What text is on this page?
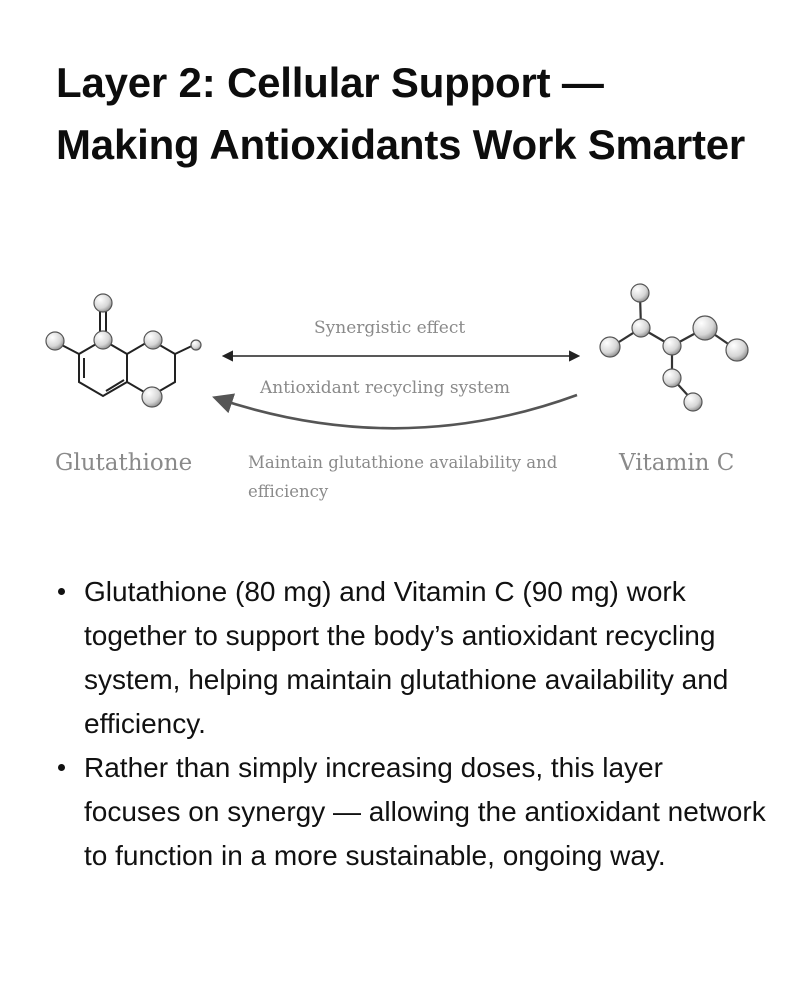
Layer 2: Cellular Support — Making Antioxidants Work Smarter
Synergistic effect
Antioxidant recycling system
Glutathione	Vitamin C
Maintain glutathione availability and efficiency
Glutathione (80 mg) and Vitamin C (90 mg) work together to support the body’s antioxidant recycling system, helping maintain glutathione availability and efficiency.
Rather than simply increasing doses, this layer focuses on synergy — allowing the antioxidant network to function in a more sustainable, ongoing way.
